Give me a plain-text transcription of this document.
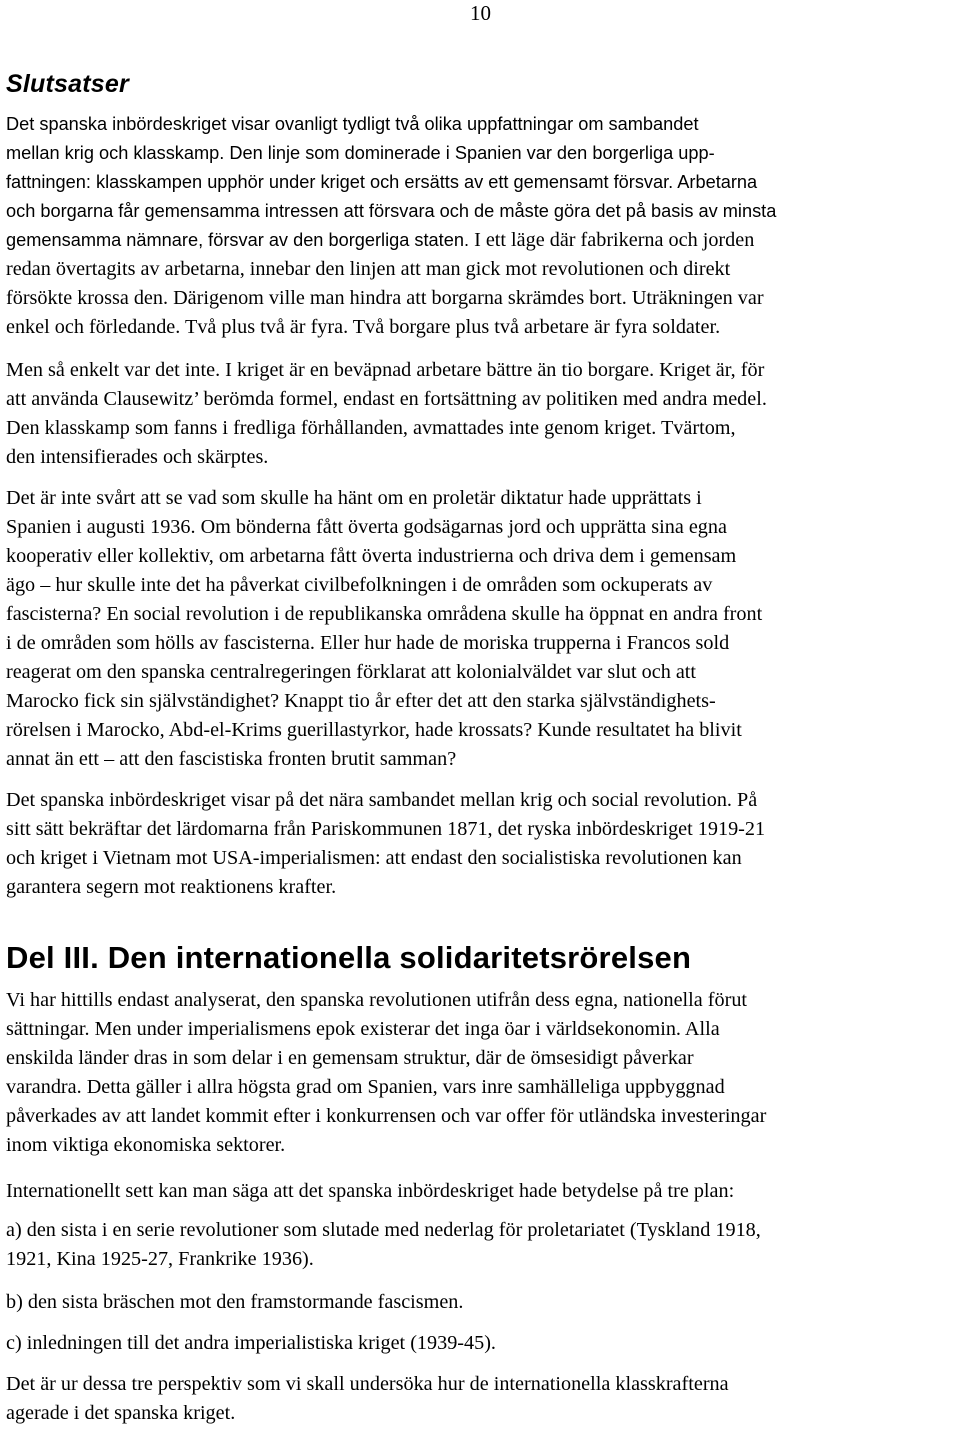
10
Slutsatser

Det spanska inbördeskriget visar ovanligt tydligt två olika uppfattningar om sambandet
mellan krig och klasskamp. Den linje som dominerade i Spanien var den borgerliga upp-
fattningen: klasskampen upphör under kriget och ersätts av ett gemensamt försvar. Arbetarna
och borgarna får gemensamma intressen att försvara och de måste göra det på basis av minsta
gemensamma nämnare, försvar av den borgerliga staten. I ett läge där fabrikerna och jorden
redan övertagits av arbetarna, innebar den linjen att man gick mot revolutionen och direkt
försökte krossa den. Därigenom ville man hindra att borgarna skrämdes bort. Uträkningen var
enkel och förledande. Två plus två är fyra. Två borgare plus två arbetare är fyra soldater.

Men så enkelt var det inte. I kriget är en beväpnad arbetare bättre än tio borgare. Kriget är, för
att använda Clausewitz’ berömda formel, endast en fortsättning av politiken med andra medel.
Den klasskamp som fanns i fredliga förhållanden, avmattades inte genom kriget. Tvärtom,
den intensifierades och skärptes.

Det är inte svårt att se vad som skulle ha hänt om en proletär diktatur hade upprättats i
Spanien i augusti 1936. Om bönderna fått överta godsägarnas jord och upprätta sina egna
kooperativ eller kollektiv, om arbetarna fått överta industrierna och driva dem i gemensam
ägo – hur skulle inte det ha påverkat civilbefolkningen i de områden som ockuperats av
fascisterna? En social revolution i de republikanska områdena skulle ha öppnat en andra front
i de områden som hölls av fascisterna. Eller hur hade de moriska trupperna i Francos sold
reagerat om den spanska centralregeringen förklarat att kolonialväldet var slut och att
Marocko fick sin självständighet? Knappt tio år efter det att den starka självständighets-
rörelsen i Marocko, Abd-el-Krims guerillastyrkor, hade krossats? Kunde resultatet ha blivit
annat än ett – att den fascistiska fronten brutit samman?

Det spanska inbördeskriget visar på det nära sambandet mellan krig och social revolution. På
sitt sätt bekräftar det lärdomarna från Pariskommunen 1871, det ryska inbördeskriget 1919-21
och kriget i Vietnam mot USA-imperialismen: att endast den socialistiska revolutionen kan
garantera segern mot reaktionens krafter.

Del III. Den internationella solidaritetsrörelsen

Vi har hittills endast analyserat, den spanska revolutionen utifrån dess egna, nationella förut
sättningar. Men under imperialismens epok existerar det inga öar i världsekonomin. Alla
enskilda länder dras in som delar i en gemensam struktur, där de ömsesidigt påverkar
varandra. Detta gäller i allra högsta grad om Spanien, vars inre samhälleliga uppbyggnad
påverkades av att landet kommit efter i konkurrensen och var offer för utländska investeringar
inom viktiga ekonomiska sektorer.

Internationellt sett kan man säga att det spanska inbördeskriget hade betydelse på tre plan:

a) den sista i en serie revolutioner som slutade med nederlag för proletariatet (Tyskland 1918,
1921, Kina 1925-27, Frankrike 1936).

b) den sista bräschen mot den framstormande fascismen.

c) inledningen till det andra imperialistiska kriget (1939-45).

Det är ur dessa tre perspektiv som vi skall undersöka hur de internationella klasskrafterna
agerade i det spanska kriget.
